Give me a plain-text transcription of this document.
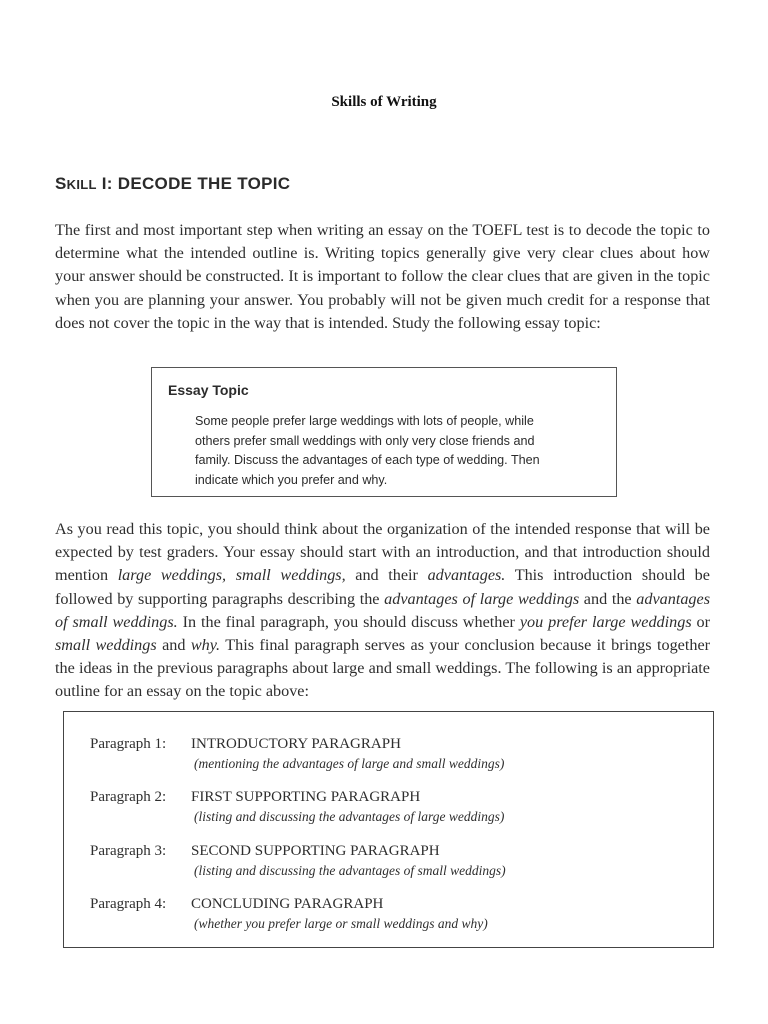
Skills of Writing
SKILL I: DECODE THE TOPIC
The first and most important step when writing an essay on the TOEFL test is to decode the topic to determine what the intended outline is. Writing topics generally give very clear clues about how your answer should be constructed. It is important to follow the clear clues that are given in the topic when you are planning your answer. You probably will not be given much credit for a response that does not cover the topic in the way that is intended. Study the following essay topic:
Essay Topic
Some people prefer large weddings with lots of people, while
others prefer small weddings with only very close friends and
family. Discuss the advantages of each type of wedding. Then
indicate which you prefer and why.
As you read this topic, you should think about the organization of the intended response that will be expected by test graders. Your essay should start with an introduction, and that introduction should mention large weddings, small weddings, and their advantages. This introduction should be followed by supporting paragraphs describing the advantages of large weddings and the advantages of small weddings. In the final paragraph, you should discuss whether you prefer large weddings or small weddings and why. This final paragraph serves as your conclusion because it brings together the ideas in the previous paragraphs about large and small weddings. The following is an appropriate outline for an essay on the topic above:
Paragraph 1: INTRODUCTORY PARAGRAPH
(mentioning the advantages of large and small weddings)
Paragraph 2: FIRST SUPPORTING PARAGRAPH
(listing and discussing the advantages of large weddings)
Paragraph 3: SECOND SUPPORTING PARAGRAPH
(listing and discussing the advantages of small weddings)
Paragraph 4: CONCLUDING PARAGRAPH
(whether you prefer large or small weddings and why)
